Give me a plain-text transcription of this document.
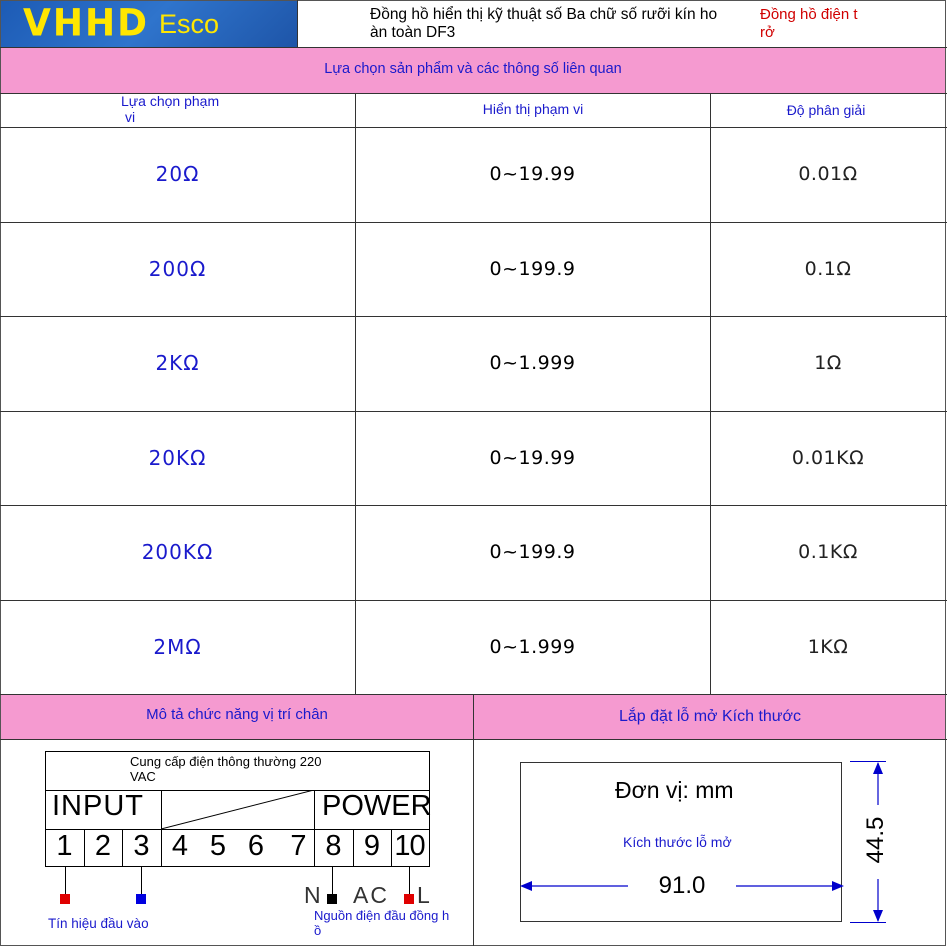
VHHD Esco	Đồng hồ hiển thị kỹ thuật số Ba chữ số rưỡi kín ho
àn toàn DF3
Đồng hồ điện t
rở
Lựa chọn sản phẩm và các thông số liên quan
Lựa chọn phạm
vi	Hiển thị phạm vi	Độ phân giải
20Ω	0~19.99	0.01Ω
200Ω	0~199.9	0.1Ω
2KΩ	0~1.999	1Ω
20KΩ	0~19.99	0.01KΩ
200KΩ	0~199.9	0.1KΩ
2MΩ	0~1.999	1KΩ
Mô tả chức năng vị trí chân	Lắp đặt lỗ mở Kích thước
Cung cấp điện thông thường 220
VAC
INPUT	POWER
1 2 3 4 5 6 7 8 9 10
N AC L
Tín hiệu đầu vào
Nguồn điện đầu đồng h
ồ
Đơn vị: mm
Kích thước lỗ mở
91.0
44.5
